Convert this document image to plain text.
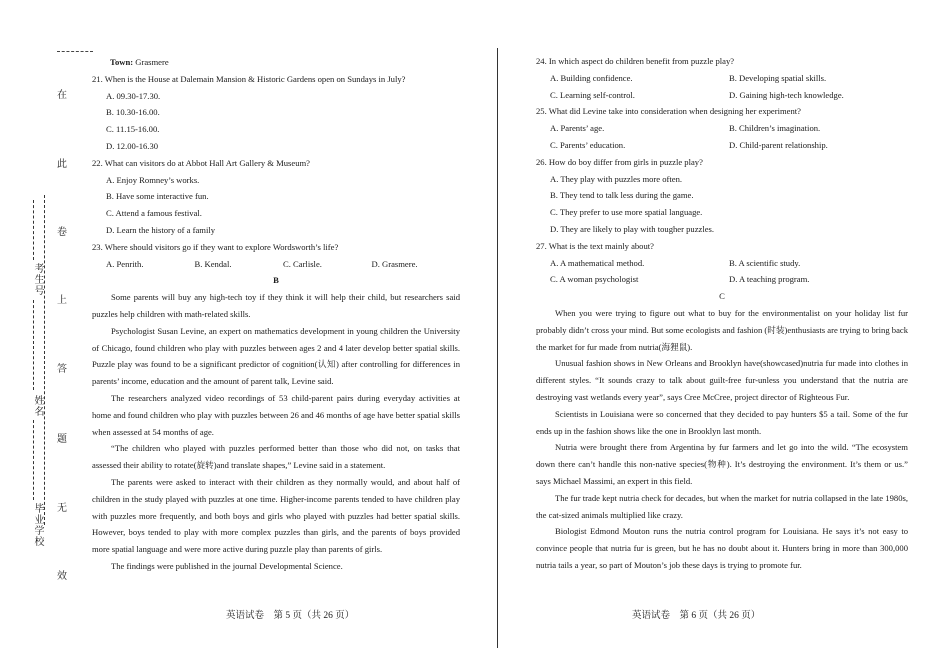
在
此
卷
上
答
题
无
效
考生号
姓名
毕业学校
Town: Grasmere
21. When is the House at Dalemain Mansion & Historic Gardens open on Sundays in July?
A. 09.30-17.30.
B. 10.30-16.00.
C. 11.15-16.00.
D. 12.00-16.30
22. What can visitors do at Abbot Hall Art Gallery & Museum?
A. Enjoy Romney’s works.
B. Have some interactive fun.
C. Attend a famous festival.
D. Learn the history of a family
23. Where should visitors go if they want to explore Wordsworth’s life?
A. Penrith.	B. Kendal.	C. Carlisle.	D. Grasmere.
B
Some parents will buy any high-tech toy if they think it will help their child, but researchers said puzzles help children with math-related skills.
Psychologist Susan Levine, an expert on mathematics development in young children the University of Chicago, found children who play with puzzles between ages 2 and 4 later develop better spatial skills. Puzzle play was found to be a significant predictor of cognition(认知) after controlling for differences in parents’ income, education and the amount of parent talk, Levine said.
The researchers analyzed video recordings of 53 child-parent pairs during everyday activities at home and found children who play with puzzles between 26 and 46 months of age have better spatial skills when assessed at 54 months of age.
“The children who played with puzzles performed better than those who did not, on tasks that assessed their ability to rotate(旋转)and translate shapes,” Levine said in a statement.
The parents were asked to interact with their children as they normally would, and about half of children in the study played with puzzles at one time. Higher-income parents tended to have children play with puzzles more frequently, and both boys and girls who played with puzzles had better spatial skills. However, boys tended to play with more complex puzzles than girls, and the parents of boys provided more spatial language and were more active during puzzle play than parents of girls.
The findings were published in the journal Developmental Science.
英语试卷　第 5 页（共 26 页）
24. In which aspect do children benefit from puzzle play?
A. Building confidence.	B. Developing spatial skills.
C. Learning self-control.	D. Gaining high-tech knowledge.
25. What did Levine take into consideration when designing her experiment?
A. Parents’ age.	B. Children’s imagination.
C. Parents’ education.	D. Child-parent relationship.
26. How do boy differ from girls in puzzle play?
A. They play with puzzles more often.
B. They tend to talk less during the game.
C. They prefer to use more spatial language.
D. They are likely to play with tougher puzzles.
27. What is the text mainly about?
A. A mathematical method.	B. A scientific study.
C. A woman psychologist	D. A teaching program.
C
When you were trying to figure out what to buy for the environmentalist on your holiday list fur probably didn’t cross your mind. But some ecologists and fashion (时装)enthusiasts are trying to bring back the market for fur made from nutria(海狸鼠).
Unusual fashion shows in New Orleans and Brooklyn have(showcased)nutria fur made into clothes in different styles. “It sounds crazy to talk about guilt-free fur-unless you understand that the nutria are destroying vast wetlands every year”, says Cree McCree, project director of Righteous Fur.
Scientists in Louisiana were so concerned that they decided to pay hunters $5 a tail. Some of the fur ends up in the fashion shows like the one in Brooklyn last month.
Nutria were brought there from Argentina by fur farmers and let go into the wild. “The ecosystem down there can’t handle this non-native species(物种). It’s destroying the environment. It’s them or us.” says Michael Massimi, an expert in this field.
The fur trade kept nutria check for decades, but when the market for nutria collapsed in the late 1980s, the cat-sized animals multiplied like crazy.
Biologist Edmond Mouton runs the nutria control program for Louisiana. He says it’s not easy to convince people that nutria fur is green, but he has no doubt about it. Hunters bring in more than 300,000 nutria tails a year, so part of Mouton’s job these days is trying to promote fur.
英语试卷　第 6 页（共 26 页）
